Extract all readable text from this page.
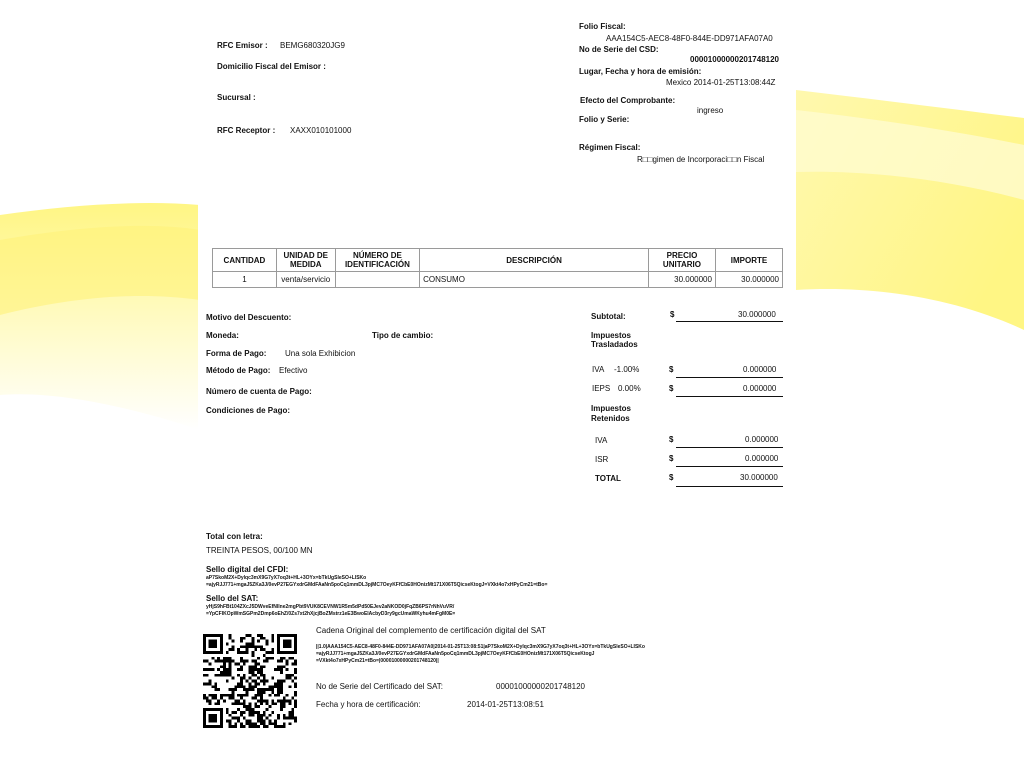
RFC Emisor : BEMG680320JG9
Domicilio Fiscal del Emisor :
Sucursal :
RFC Receptor : XAXX010101000
Folio Fiscal:
AAA154C5-AEC8-48F0-844E-DD971AFA07A0
No de Serie del CSD:
00001000000201748120
Lugar, Fecha y hora de emisión:
Mexico 2014-01-25T13:08:44Z
Efecto del Comprobante:
ingreso
Folio y Serie:
Régimen Fiscal:
R□□gimen de Incorporaci□□n Fiscal
CANTIDAD	UNIDAD DE MEDIDA	NÚMERO DE IDENTIFICACIÓN	DESCRIPCIÓN	PRECIO UNITARIO	IMPORTE
1	venta/servicio		CONSUMO	30.000000	30.000000
Motivo del Descuento:
Moneda:	Tipo de cambio:
Forma de Pago: Una sola Exhibicion
Método de Pago: Efectivo
Número de cuenta de Pago:
Condiciones de Pago:
Subtotal:	$	30.000000
Impuestos
Trasladados
IVA -1.00%	$	0.000000
IEPS 0.00%	$	0.000000
Impuestos
Retenidos
IVA	$	0.000000
ISR	$	0.000000
TOTAL	$	30.000000
Total con letra:
TREINTA PESOS, 00/100 MN
Sello digital del CFDI:
aP7SkoM2X+Dylqc3mX9G7yX7oq3t+HL+3OYx=bTkUgSleSO+LISKo
=ajyRJJ771+mgaJ5ZKa3J/0evP27EGYxdrGMdFAaNn5poCq1mmDL3pjMC7OeyKFfCbE0HOnizMt171X06T5QicseKtogJ=VXkt4o7xHPyCm21=tBo=
Sello del SAT:
yHjS9hFBt104ZXcJ5DWveEfNlIne2mgPbt9VUK8CEVNW1R5m5dPd50EJev2aNKOD0jFqZB6PS7rNhVuVR/
=YpCFIKOpWmSGPm2Dmp6oEhZ/0Zs7xt2hXjcjBoZMstrz1eE3BwoElAcbyD3ry9gcUmaWKyhu4mFgM0E=
Cadena Original del complemento de certificación digital del SAT
||1.0|AAA154C5-AEC8-48F0-844E-DD971AFA07A0|2014-01-25T13:08:51|aP7SkoM2X+Dylqc3mX9G7yX7oq3t+HL+3OYx=bTkUgSleSO+LISKo
=ajyRJJ771+mgaJ5ZKa3J/0evP27EGYxdrGMdFAaNn5poCq1mmDL3pjMC7OeyKFfCbE0HOnizMt171X06T5QicseKtogJ
=VXkt4o7xHPyCm21=tBo=|00001000000201748120||
No de Serie del Certificado del SAT:	00001000000201748120
Fecha y hora de certificación:	2014-01-25T13:08:51
